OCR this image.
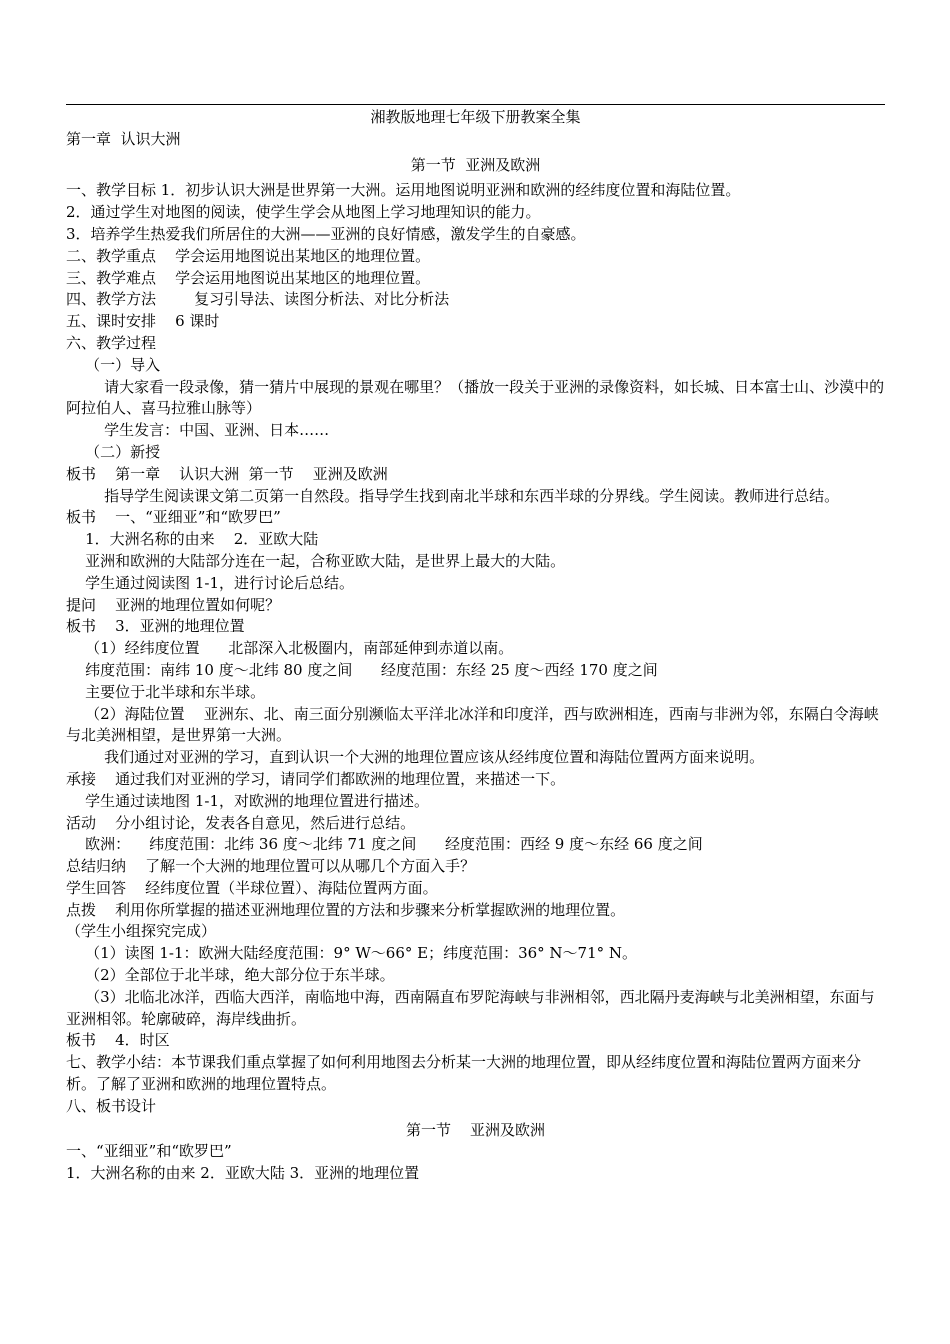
湘教版地理七年级下册教案全集

第一章  认识大洲

第一节  亚洲及欧洲

一、教学目标 1．初步认识大洲是世界第一大洲。运用地图说明亚洲和欧洲的经纬度位置和海陆位置。

2．通过学生对地图的阅读，使学生学会从地图上学习地理知识的能力。

3．培养学生热爱我们所居住的大洲——亚洲的良好情感，激发学生的自豪感。

二、教学重点    学会运用地图说出某地区的地理位置。

三、教学难点    学会运用地图说出某地区的地理位置。

四、教学方法        复习引导法、读图分析法、对比分析法

五、课时安排    6 课时

六、教学过程

（一）导入

请大家看一段录像，猜一猜片中展现的景观在哪里？（播放一段关于亚洲的录像资料，如长城、日本富士山、沙漠中的阿拉伯人、喜马拉雅山脉等）

学生发言：中国、亚洲、日本……

（二）新授

板书    第一章    认识大洲  第一节    亚洲及欧洲

指导学生阅读课文第二页第一自然段。指导学生找到南北半球和东西半球的分界线。学生阅读。教师进行总结。

板书    一、“亚细亚”和“欧罗巴”

1．大洲名称的由来    2．亚欧大陆

亚洲和欧洲的大陆部分连在一起，合称亚欧大陆，是世界上最大的大陆。

学生通过阅读图 1-1，进行讨论后总结。

提问    亚洲的地理位置如何呢？

板书    3．亚洲的地理位置

（1）经纬度位置      北部深入北极圈内，南部延伸到赤道以南。

纬度范围：南纬 10 度～北纬 80 度之间      经度范围：东经 25 度～西经 170 度之间

主要位于北半球和东半球。

（2）海陆位置    亚洲东、北、南三面分别濒临太平洋北冰洋和印度洋，西与欧洲相连，西南与非洲为邻，东隔白令海峡与北美洲相望，是世界第一大洲。

我们通过对亚洲的学习，直到认识一个大洲的地理位置应该从经纬度位置和海陆位置两方面来说明。

承接    通过我们对亚洲的学习，请同学们都欧洲的地理位置，来描述一下。

学生通过读地图 1-1，对欧洲的地理位置进行描述。

活动    分小组讨论，发表各自意见，然后进行总结。

欧洲：    纬度范围：北纬 36 度～北纬 71 度之间      经度范围：西经 9 度～东经 66 度之间

总结归纳    了解一个大洲的地理位置可以从哪几个方面入手？

学生回答    经纬度位置（半球位置）、海陆位置两方面。

点拨    利用你所掌握的描述亚洲地理位置的方法和步骤来分析掌握欧洲的地理位置。

（学生小组探究完成）

（1）读图 1-1：欧洲大陆经度范围：9° W～66° E；纬度范围：36° N～71° N。

（2）全部位于北半球，绝大部分位于东半球。

（3）北临北冰洋，西临大西洋，南临地中海，西南隔直布罗陀海峡与非洲相邻，西北隔丹麦海峡与北美洲相望，东面与亚洲相邻。轮廓破碎，海岸线曲折。

板书    4．时区

七、教学小结：本节课我们重点掌握了如何利用地图去分析某一大洲的地理位置，即从经纬度位置和海陆位置两方面来分析。了解了亚洲和欧洲的地理位置特点。

八、板书设计

第一节    亚洲及欧洲

一、“亚细亚”和“欧罗巴”

1．大洲名称的由来 2．亚欧大陆 3．亚洲的地理位置
